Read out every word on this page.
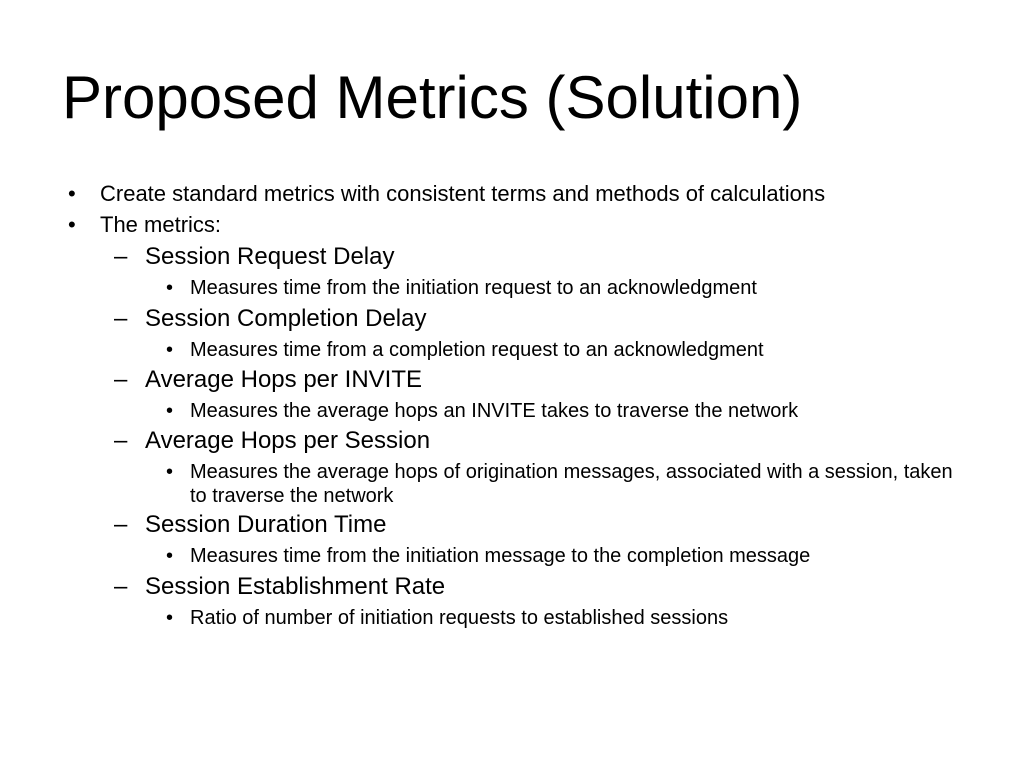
Proposed Metrics (Solution)
•	Create standard metrics with consistent terms and methods of calculations
•	The metrics:
– Session Request Delay
• Measures time from the initiation request to an acknowledgment
– Session Completion Delay
• Measures time from a completion request to an acknowledgment
– Average Hops per INVITE
• Measures the average hops an INVITE takes to traverse the network
– Average Hops per Session
• Measures the average hops of origination messages, associated with a session, taken to traverse the network
– Session Duration Time
• Measures time from the initiation message to the completion message
– Session Establishment Rate
• Ratio of number of initiation requests to established sessions
